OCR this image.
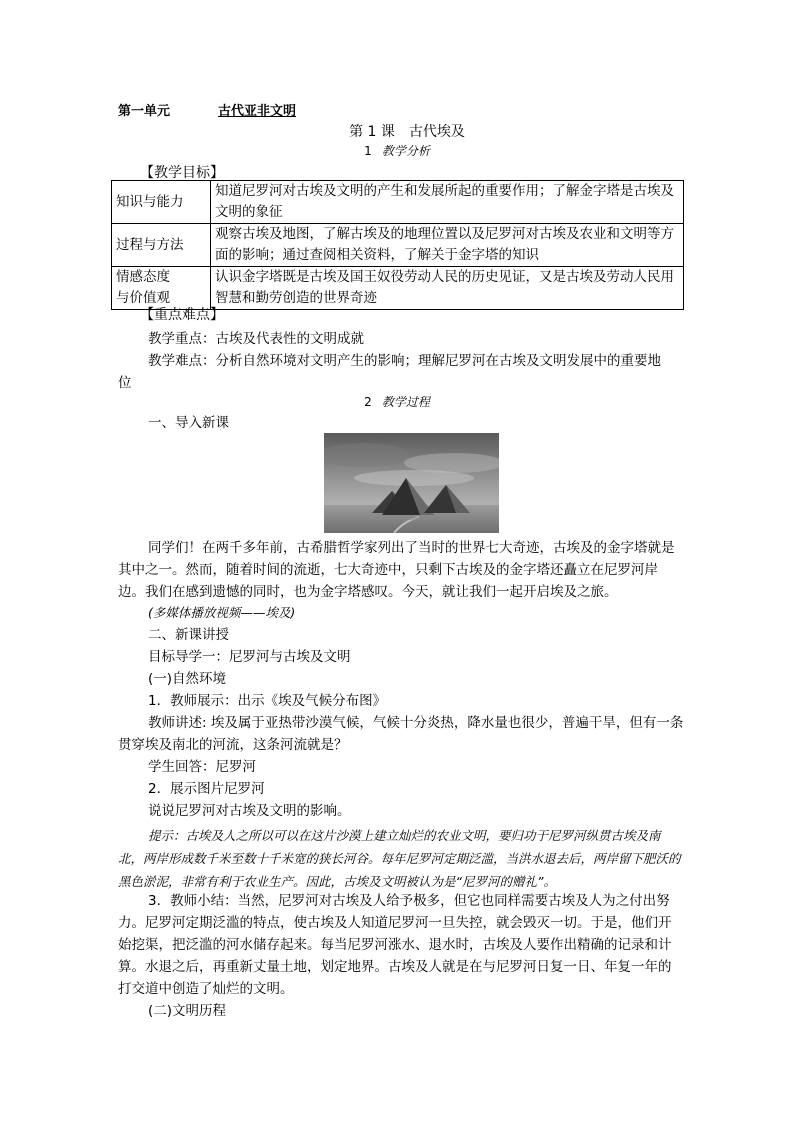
第一单元	古代亚非文明
第 1 课　古代埃及
1 教学分析
【教学目标】
知识与能力	知道尼罗河对古埃及文明的产生和发展所起的重要作用；了解金字塔是古埃及文明的象征
过程与方法	观察古埃及地图，了解古埃及的地理位置以及尼罗河对古埃及农业和文明等方面的影响；通过查阅相关资料，了解关于金字塔的知识
情感态度
与价值观	认识金字塔既是古埃及国王奴役劳动人民的历史见证，又是古埃及劳动人民用智慧和勤劳创造的世界奇迹
【重点难点】
教学重点：古埃及代表性的文明成就
教学难点：分析自然环境对文明产生的影响；理解尼罗河在古埃及文明发展中的重要地
位
2 教学过程
一、导入新课
同学们！在两千多年前，古希腊哲学家列出了当时的世界七大奇迹，古埃及的金字塔就是其中之一。然而，随着时间的流逝，七大奇迹中，只剩下古埃及的金字塔还矗立在尼罗河岸边。我们在感到遗憾的同时，也为金字塔感叹。今天，就让我们一起开启埃及之旅。
(多媒体播放视频——埃及)
二、新课讲授
目标导学一：尼罗河与古埃及文明
(一)自然环境
1．教师展示：出示《埃及气候分布图》
教师讲述: 埃及属于亚热带沙漠气候，气候十分炎热，降水量也很少，普遍干旱，但有一条贯穿埃及南北的河流，这条河流就是？
学生回答：尼罗河
2．展示图片尼罗河
说说尼罗河对古埃及文明的影响。
提示：古埃及人之所以可以在这片沙漠上建立灿烂的农业文明，要归功于尼罗河纵贯古埃及南北，两岸形成数千米至数十千米宽的狭长河谷。每年尼罗河定期泛滥，当洪水退去后，两岸留下肥沃的黑色淤泥，非常有利于农业生产。因此，古埃及文明被认为是“尼罗河的赠礼”。
3．教师小结：当然，尼罗河对古埃及人给予极多，但它也同样需要古埃及人为之付出努力。尼罗河定期泛滥的特点，使古埃及人知道尼罗河一旦失控，就会毁灭一切。于是，他们开始挖渠，把泛滥的河水储存起来。每当尼罗河涨水、退水时，古埃及人要作出精确的记录和计算。水退之后，再重新丈量土地，划定地界。古埃及人就是在与尼罗河日复一日、年复一年的打交道中创造了灿烂的文明。
(二)文明历程
